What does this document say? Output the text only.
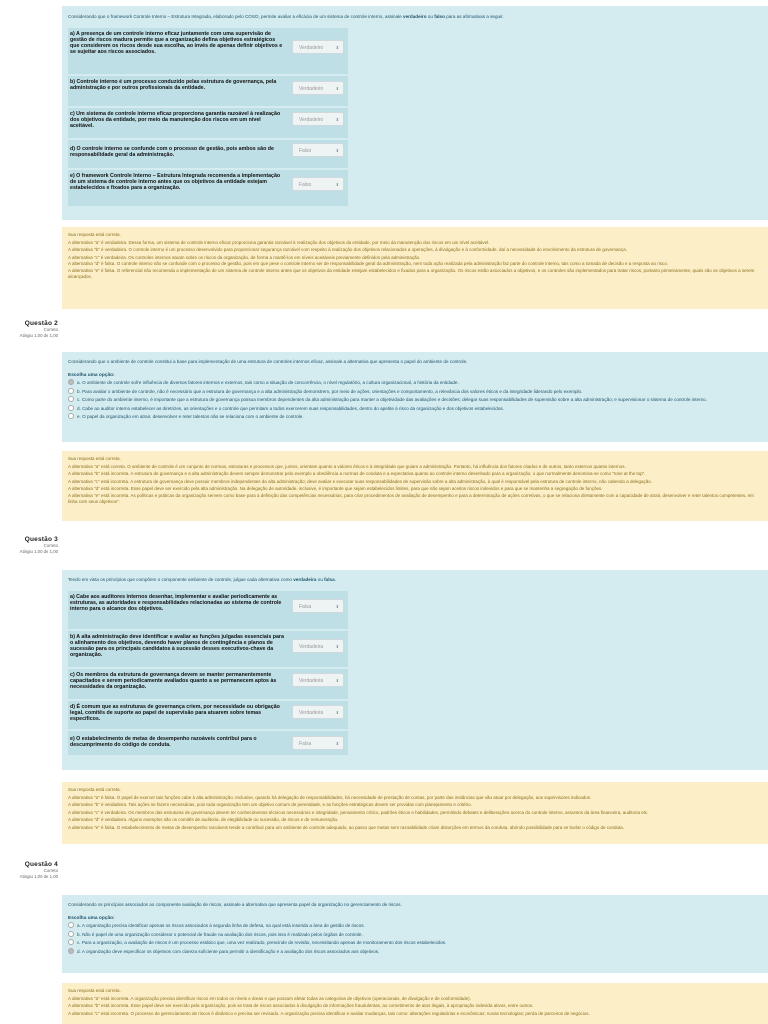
Considerando que o framework Controle Interno – Estrutura Integrada, elaborado pelo COSO, permite avaliar a eficácia de um sistema de controle interno, assinale verdadeiro ou falso para as afirmativas a seguir.
a) A presença de um controle interno eficaz juntamente com uma supervisão de gestão de riscos madura permite que a organização defina objetivos estratégicos que considerem os riscos desde sua escolha, ao invés de apenas definir objetivos e se sujeitar aos riscos associados.
Verdadeiro	⬍
b) Controle interno é um processo conduzido pelas estrutura de governança, pela administração e por outros profissionais da entidade.	Verdadeiro	⬍
c) Um sistema de controle interno eficaz proporciona garantia razoável à realização dos objetivos da entidade, por meio da manutenção dos riscos em um nível aceitável.
Verdadeiro	⬍
d) O controle interno se confunde com o processo de gestão, pois ambos são de responsabilidade geral da administração.
Falso	⬍
e) O framework Controle Interno – Estrutura Integrada recomenda a implementação de um sistema de controle interno antes que os objetivos da entidade estejam estabelecidos e fixados para a organização.
Falso	⬍
Sua resposta está correta.
A alternativa "a" é verdadeira. Dessa forma, um sistema de controle interno eficaz proporciona garantia razoável à realização dos objetivos da entidade, por meio da manutenção dos riscos em um nível aceitável.
A alternativa "b" é verdadeira. O controle interno é um processo desenvolvido para proporcionar segurança razoável com respeito à realização dos objetivos relacionados a operações, à divulgação e à conformidade, daí a necessidade do envolvimento da estrutura de governança.
A alternativa "c" é verdadeira. Os controles internos atuam sobre os riscos da organização, de forma a mantê-los em níveis aceitáveis previamente definidos pela administração.
A alternativa "d" é falsa. O controle interno não se confunde com o processo de gestão, pois em que pese o controle interno ser de responsabilidade geral da administração, nem toda ação realizada pela administração faz parte do controle interno, tais como a tomada de decisão e a resposta ao risco.
A alternativa "e" é falsa. O referencial não recomenda a implementação de um sistema de controle interno antes que os objetivos da entidade estejam estabelecidos e fixados para a organização. Os riscos estão associados a objetivos, e os controles são implementados para tratar riscos, portanto primeiramente, quais são os objetivos a serem alcançados.
Questão 2
Correto
Atingiu 1,00 de 1,00
Considerando que o ambiente de controle constitui a base para implementação de uma estrutura de controles internos eficaz, assinale a alternativa que apresenta o papel do ambiente de controle.
Escolha uma opção:
a. O ambiente de controle sofre influência de diversos fatores internos e externos, tais como a situação de concorrência, o nível regulatório, a cultura organizacional, a história da entidade.
b. Para avaliar o ambiente de controle, não é necessário que a estrutura de governança e a alta administração demonstrem, por meio de ações, orientações e comportamento, a relevância dos valores éticos e da integridade liderando pelo exemplo.
c. Como parte do ambiente interno, é importante que a estrutura de governança possua membros dependentes da alta administração para manter a objetividade das avaliações e decisões; delegar suas responsabilidades de supervisão sobre a alta administração; e supervisionar o sistema de controle interno.
d. Cabe ao auditor interno estabelecer as diretrizes, as orientações e o controle que permitam a todos exercerem suas responsabilidades, dentro do apetite à risco da organização e dos objetivos estabelecidos.
e. O papel da organização em atrair, desenvolver e reter talentos não se relaciona com o ambiente de controle.
Sua resposta está correta.
A alternativa "a" está correta. O ambiente de controle é um conjunto de normas, estruturas e processos que, juntos, orientam quanto a valores éticos e à integridade que guiam a administração. Portanto, há influência dos fatores citados e de outros, tanto externos quanto internos.
A alternativa "b" está incorreta. A estrutura de governança e a alta administração devem sempre demonstrar pelo exemplo a obediência a normas de conduta e a expectativa quanto ao controle interno desenhado para a organização, o que normalmente denomina-se como "tone at the top".
A alternativa "c" está incorreta. A estrutura de governança deve possuir membros independentes da alta administração; deve avaliar e executar suas responsabilidades de supervisão sobre a alta administração, à qual é responsável pela estrutura de controle interno, não cabendo a delegação.
A alternativa "d" está incorreta. Esse papel deve ser exercido pela alta administração. Na delegação de autoridade, inclusive, é importante que sejam estabelecidos limites, para que não sejam aceitos riscos indevidos e para que se mantenha a segregação de funções.
A alternativa "e" está incorreta. As políticas e práticas da organização servem como base para a definição das competências necessárias, para criar procedimentos de avaliação de desempenho e para a determinação de ações corretivas, o que se relaciona diretamente com a capacidade de atrair, desenvolver e reter talentos competentes, em linha com seus objetivos".
Questão 3
Correto
Atingiu 1,00 de 1,00
Tendo em vista os princípios que compõem o componente ambiente de controle, julgue cada alternativa como verdadeira ou falsa.
a) Cabe aos auditores internos desenhar, implementar e avaliar periodicamente as estruturas, as autoridades e responsabilidades relacionadas ao sistema de controle interno para o alcance dos objetivos.	Falsa	⬍
b) A alta administração deve identificar e avaliar as funções julgadas essenciais para o alinhamento dos objetivos, devendo haver planos de contingência e planos de sucessão para os principais candidatos à sucessão desses executivos-chave da organização.
Verdadeira	⬍
c) Os membros da estrutura de governança devem se manter permanentemente capacitados e serem periodicamente avaliados quanto a se permanecem aptos às necessidades da organização.
Verdadeira	⬍
d) É comum que as estruturas de governança criem, por necessidade ou obrigação legal, comitês de suporte ao papel de supervisão para atuarem sobre temas específicos.
Verdadeira	⬍
e) O estabelecimento de metas de desempenho razoáveis contribui para o descumprimento do código de conduta.	Falsa	⬍
Sua resposta está correta.
A alternativa "a" é falsa. O papel de exercer tais funções cabe à alta administração. Inclusive, quando há delegação de responsabilidades, há necessidade de prestação de contas, por parte das instâncias que vão atuar por delegação, aos supervisores indicados.
A alternativa "b" é verdadeira. Tais ações se fazem necessárias, pois toda organização tem um objetivo comum de perenidade, e as funções estratégicas devem ser providas com planejamento e critério.
A alternativa "c" é verdadeira. Os membros das estruturas de governança devem ter conhecimentos técnicos necessários e integridade, pensamento crítico, padrões éticos e habilidades, permitindo debates e deliberações acerca do controle interno, assuntos da área financeira, auditoria etc.
A alternativa "d" é verdadeira. Alguns exemplos são os comitês de auditoria, de elegibilidade ou sucessão, de riscos e de remuneração.
A alternativa "e" é falsa. O estabelecimento de metas de desempenho razoáveis tende a contribuir para um ambiente de controle adequado, ao passo que metas sem razoabilidade criam distorções em termos da conduta, abrindo possibilidade para se burlar o código de conduta.
Questão 4
Correto
Atingiu 1,00 de 1,00
Considerando os princípios associados ao componente avaliação de riscos, assinale a alternativa que apresenta papel da organização no gerenciamento de riscos.
Escolha uma opção:
a. A organização precisa identificar apenas os riscos associados à segunda linha de defesa, na qual está inserida a área de gestão de riscos.
b. Não é papel de uma organização considerar o potencial de fraude na avaliação dos riscos, pois isso é realizado pelos órgãos de controle.
c. Para a organização, a avaliação de riscos é um processo estático que, uma vez realizado, prescinde de revisão, necessitando apenas de monitoramento dos riscos estabelecidos.
d. A organização deve especificar os objetivos com clareza suficiente para permitir a identificação e a avaliação dos riscos associados aos objetivos.
Sua resposta está correta.
A alternativa "a" está incorreta. A organização precisa identificar riscos em todos os níveis e áreas e que possam afetar todas as categorias de objetivos (operacionais, de divulgação e de conformidade).
A alternativa "b" está incorreta. Esse papel deve ser exercido pela organização, pois se trata de riscos associados à divulgação de informações fraudulentas, ao cometimento de atos ilegais, à apropriação indevida ativos, entre outros.
A alternativa "c" está incorreta. O processo de gerenciamento de riscos é dinâmico e precisa ser revisado. A organização precisa identificar e avaliar mudanças, tais como: alterações regulatórias e econômicas; novas tecnologias; perda de parceiros de negócios.
